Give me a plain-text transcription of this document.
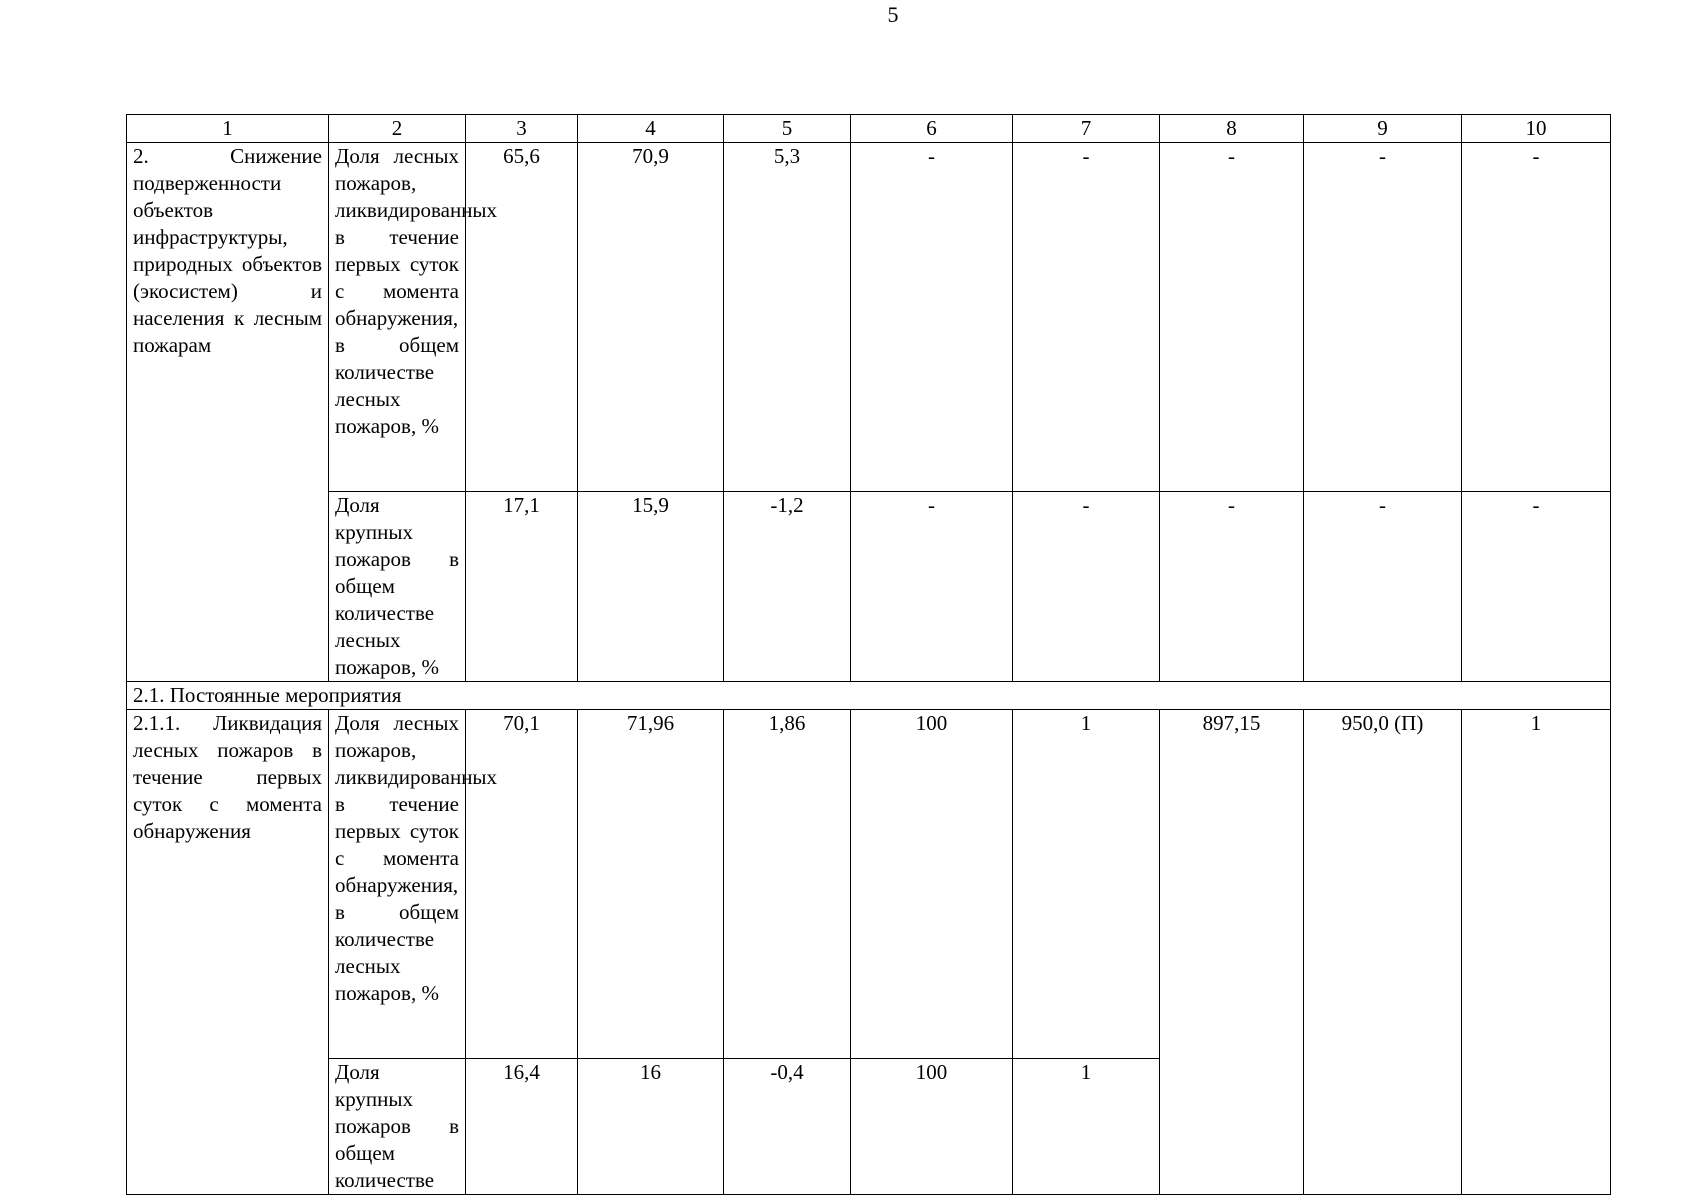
5
1	2	3	4	5	6	7	8	9	10
2. Снижение подверженности объектов инфраструктуры, природных объектов (экосистем) и населения к лесным пожарам	Доля лесных пожаров, ликвидированных в течение первых суток с момента обнаружения, в общем количестве лесных пожаров, %	65,6	70,9	5,3	-	-	-	-	-
	Доля крупных пожаров в общем количестве лесных пожаров, %	17,1	15,9	-1,2	-	-	-	-	-
2.1. Постоянные мероприятия									
2.1.1. Ликвидация лесных пожаров в течение первых суток с момента обнаружения	Доля лесных пожаров, ликвидированных в течение первых суток с момента обнаружения, в общем количестве лесных пожаров, %	70,1	71,96	1,86	100	1	897,15	950,0 (П)	1
	Доля крупных пожаров в общем количестве	16,4	16	-0,4	100	1			
